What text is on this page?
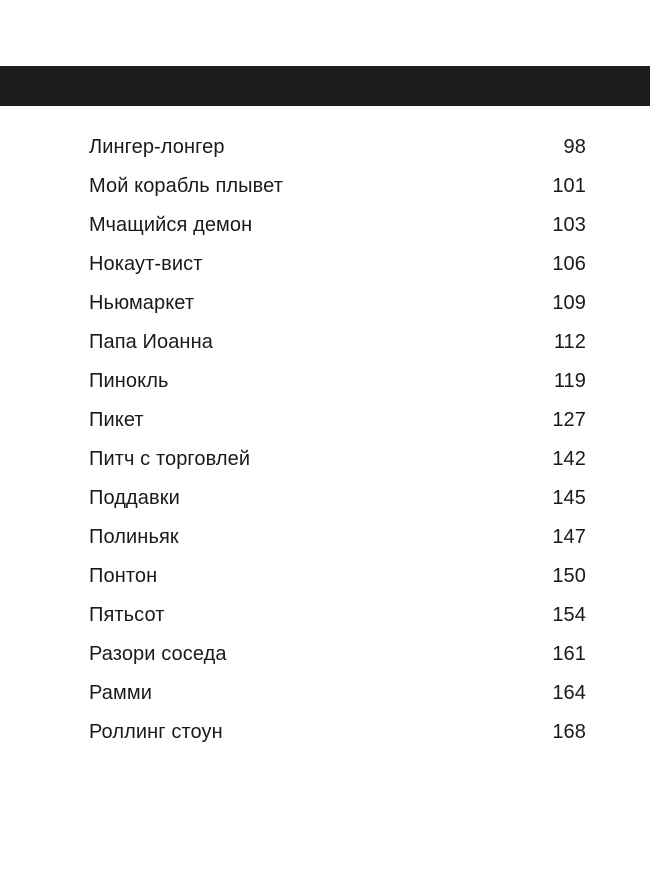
Лингер-лонгер	98
Мой корабль плывет	101
Мчащийся демон	103
Нокаут-вист	106
Ньюмаркет	109
Папа Иоанна	112
Пинокль	119
Пикет	127
Питч с торговлей	142
Поддавки	145
Полиньяк	147
Понтон	150
Пятьсот	154
Разори соседа	161
Рамми	164
Роллинг стоун	168
